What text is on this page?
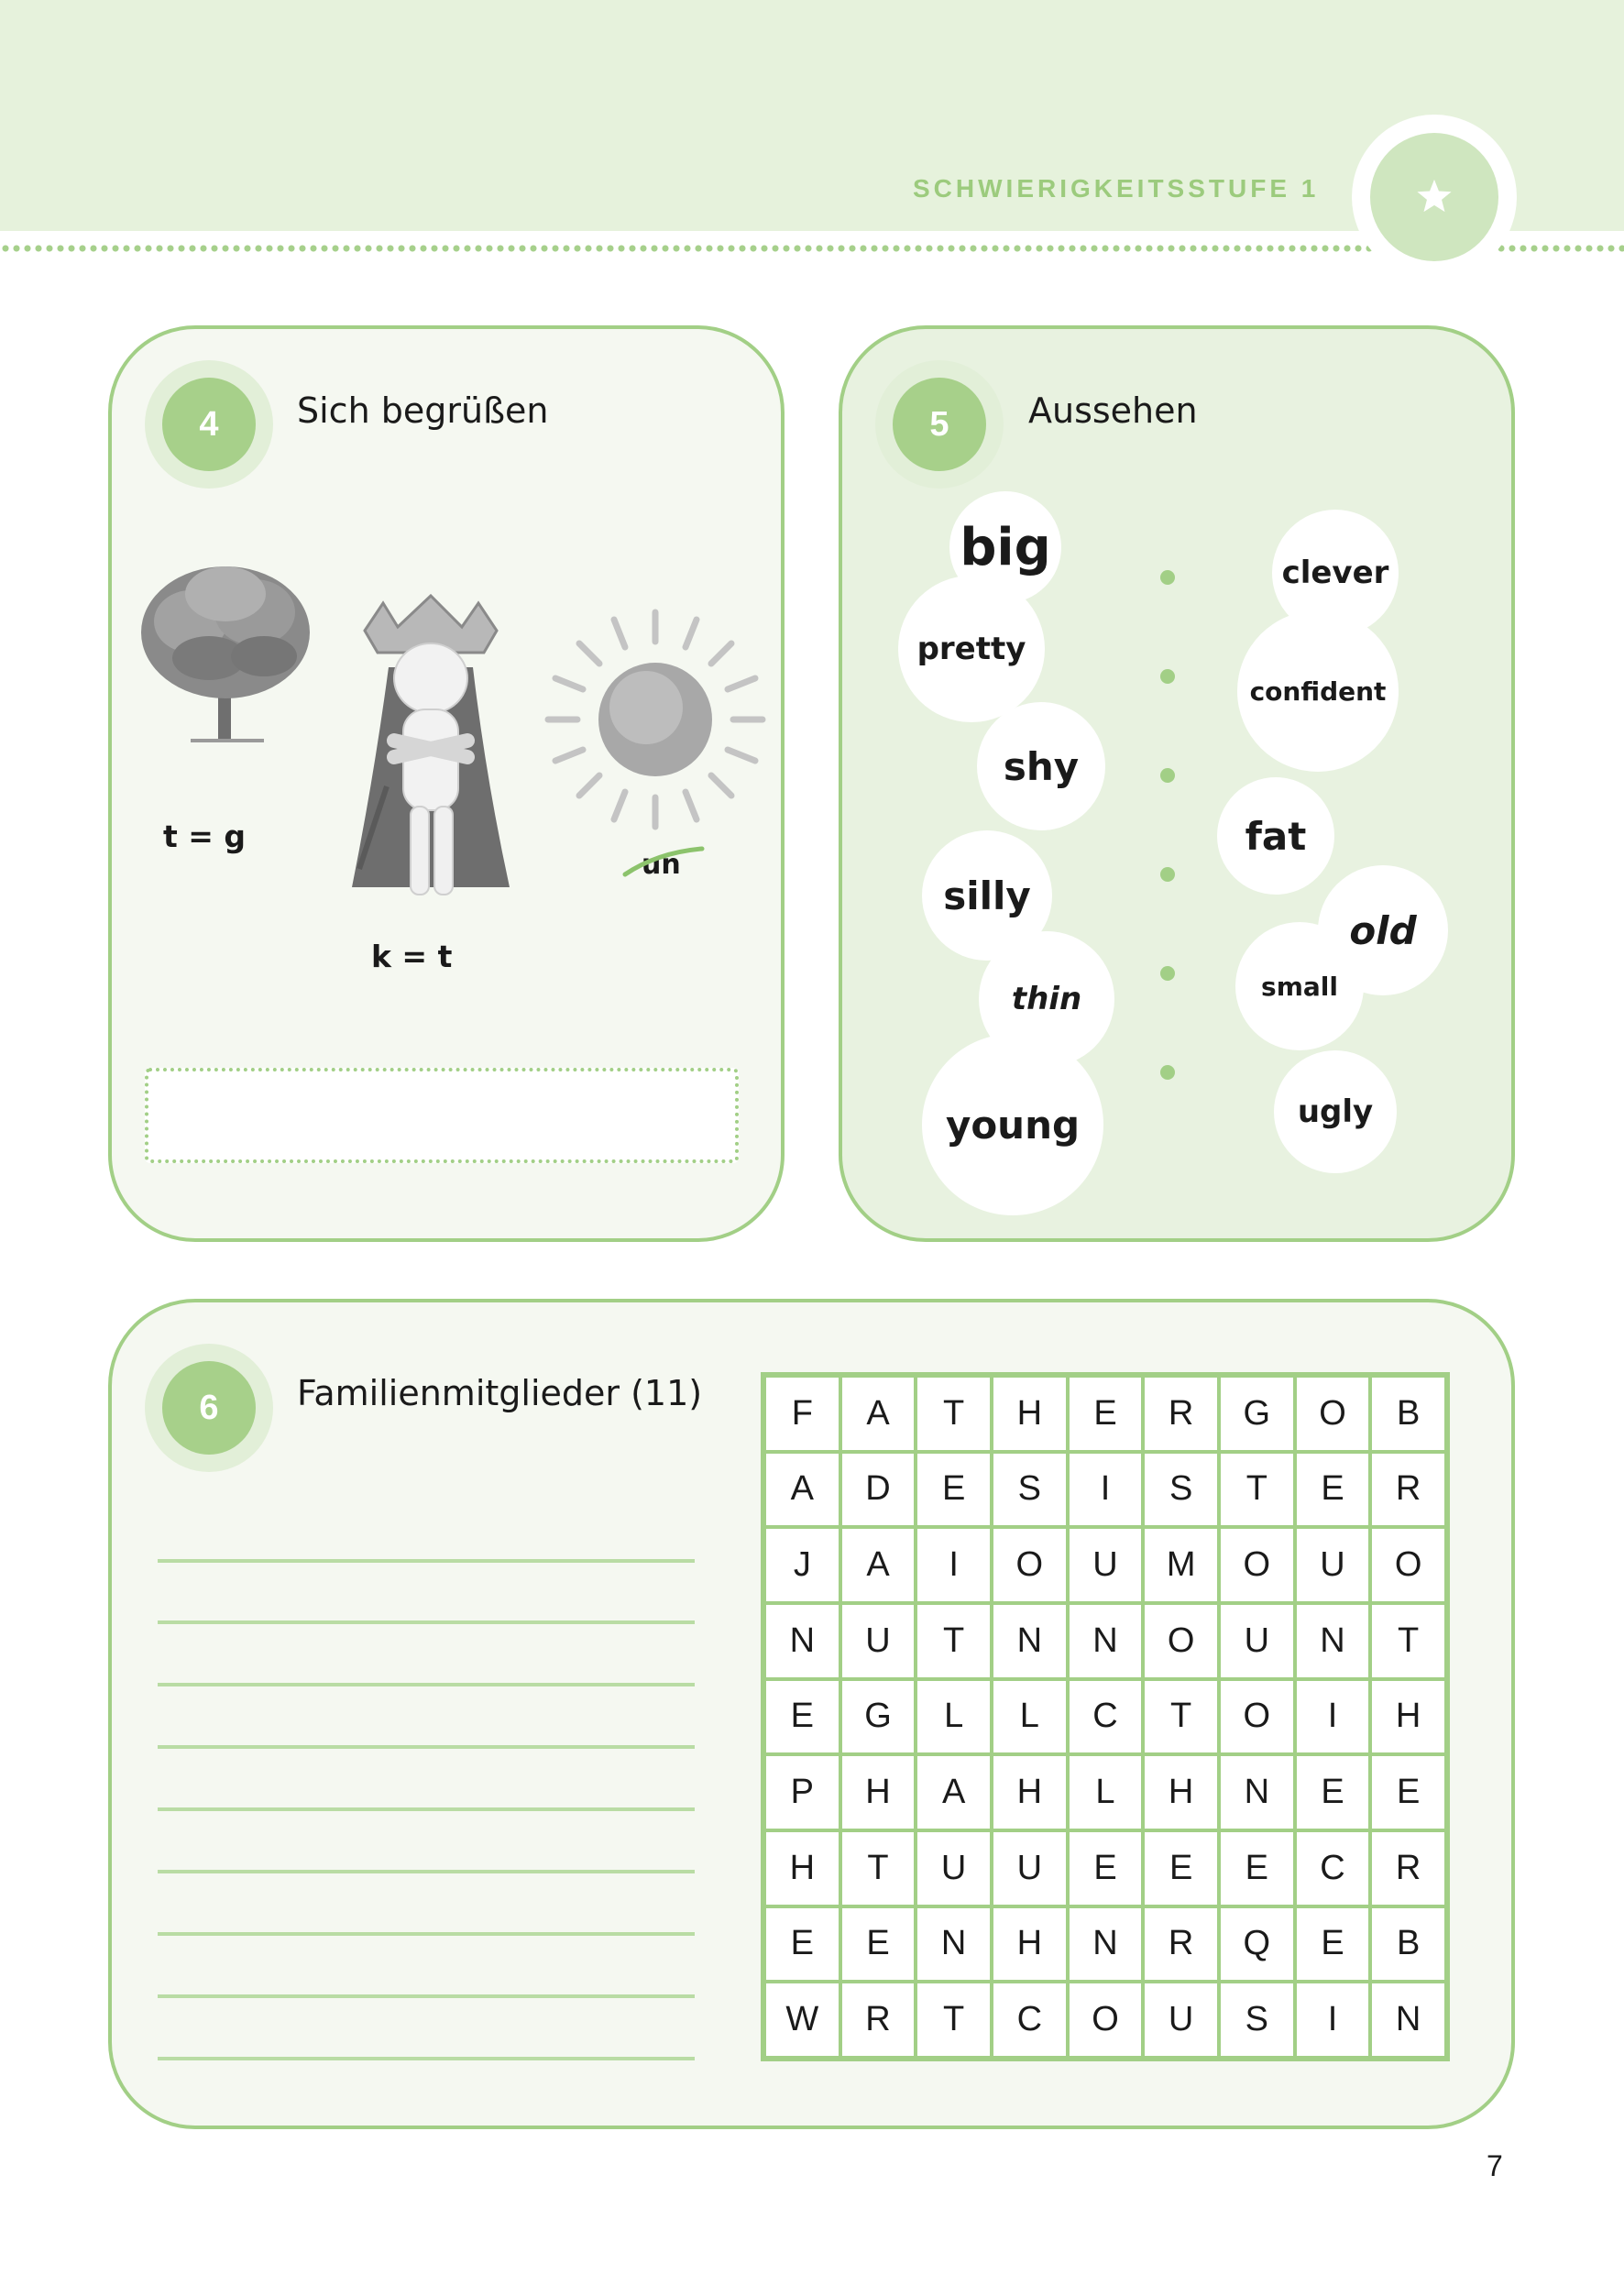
SCHWIERIGKEITSSTUFE 1
4	Sich begrüßen
t = g
k = t
un
5	Aussehen
big
pretty
shy
silly
thin
young
clever
confident
fat
old
small
ugly
6	Familienmitglieder (11)	F	A	T	H	E	R	G	O	B
A	D	E	S	I	S	T	E	R
J	A	I	O	U	M	O	U	O
N	U	T	N	N	O	U	N	T
E	G	L	L	C	T	O	I	H
P	H	A	H	L	H	N	E	E
H	T	U	U	E	E	E	C	R
E	E	N	H	N	R	Q	E	B
W	R	T	C	O	U	S	I	N
7
